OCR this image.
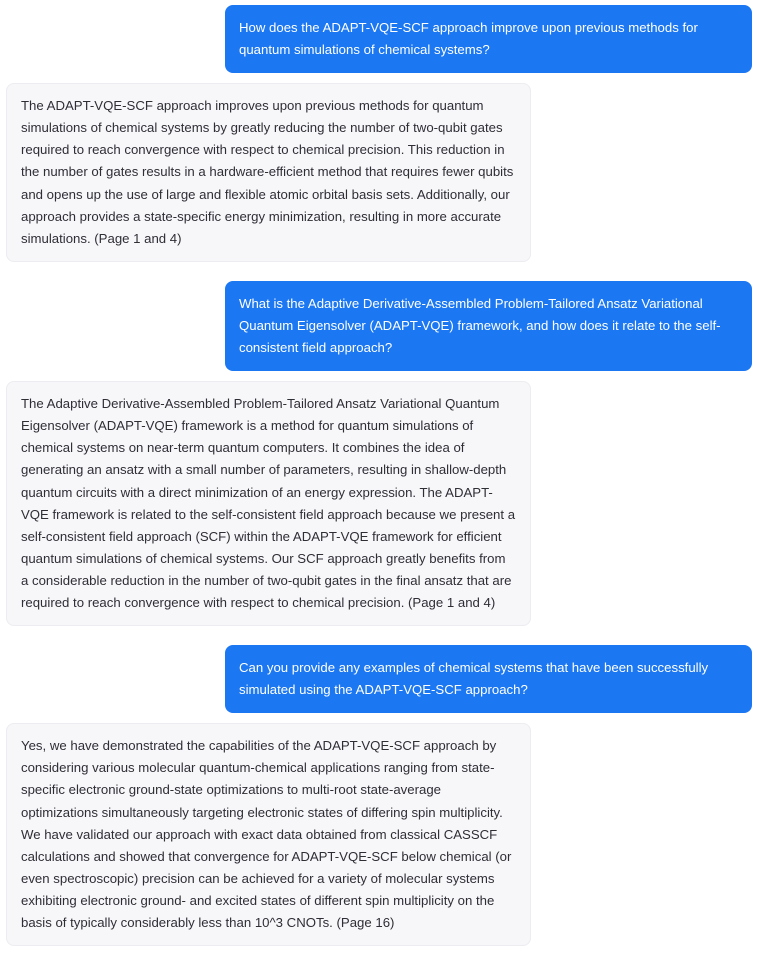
How does the ADAPT-VQE-SCF approach improve upon previous methods for quantum simulations of chemical systems?

The ADAPT-VQE-SCF approach improves upon previous methods for quantum simulations of chemical systems by greatly reducing the number of two-qubit gates required to reach convergence with respect to chemical precision. This reduction in the number of gates results in a hardware-efficient method that requires fewer qubits and opens up the use of large and flexible atomic orbital basis sets. Additionally, our approach provides a state-specific energy minimization, resulting in more accurate simulations. (Page 1 and 4)

What is the Adaptive Derivative-Assembled Problem-Tailored Ansatz Variational Quantum Eigensolver (ADAPT-VQE) framework, and how does it relate to the self-consistent field approach?

The Adaptive Derivative-Assembled Problem-Tailored Ansatz Variational Quantum Eigensolver (ADAPT-VQE) framework is a method for quantum simulations of chemical systems on near-term quantum computers. It combines the idea of generating an ansatz with a small number of parameters, resulting in shallow-depth quantum circuits with a direct minimization of an energy expression. The ADAPT-VQE framework is related to the self-consistent field approach because we present a self-consistent field approach (SCF) within the ADAPT-VQE framework for efficient quantum simulations of chemical systems. Our SCF approach greatly benefits from a considerable reduction in the number of two-qubit gates in the final ansatz that are required to reach convergence with respect to chemical precision. (Page 1 and 4)

Can you provide any examples of chemical systems that have been successfully simulated using the ADAPT-VQE-SCF approach?

Yes, we have demonstrated the capabilities of the ADAPT-VQE-SCF approach by considering various molecular quantum-chemical applications ranging from state-specific electronic ground-state optimizations to multi-root state-average optimizations simultaneously targeting electronic states of differing spin multiplicity. We have validated our approach with exact data obtained from classical CASSCF calculations and showed that convergence for ADAPT-VQE-SCF below chemical (or even spectroscopic) precision can be achieved for a variety of molecular systems exhibiting electronic ground- and excited states of different spin multiplicity on the basis of typically considerably less than 10^3 CNOTs. (Page 16)
